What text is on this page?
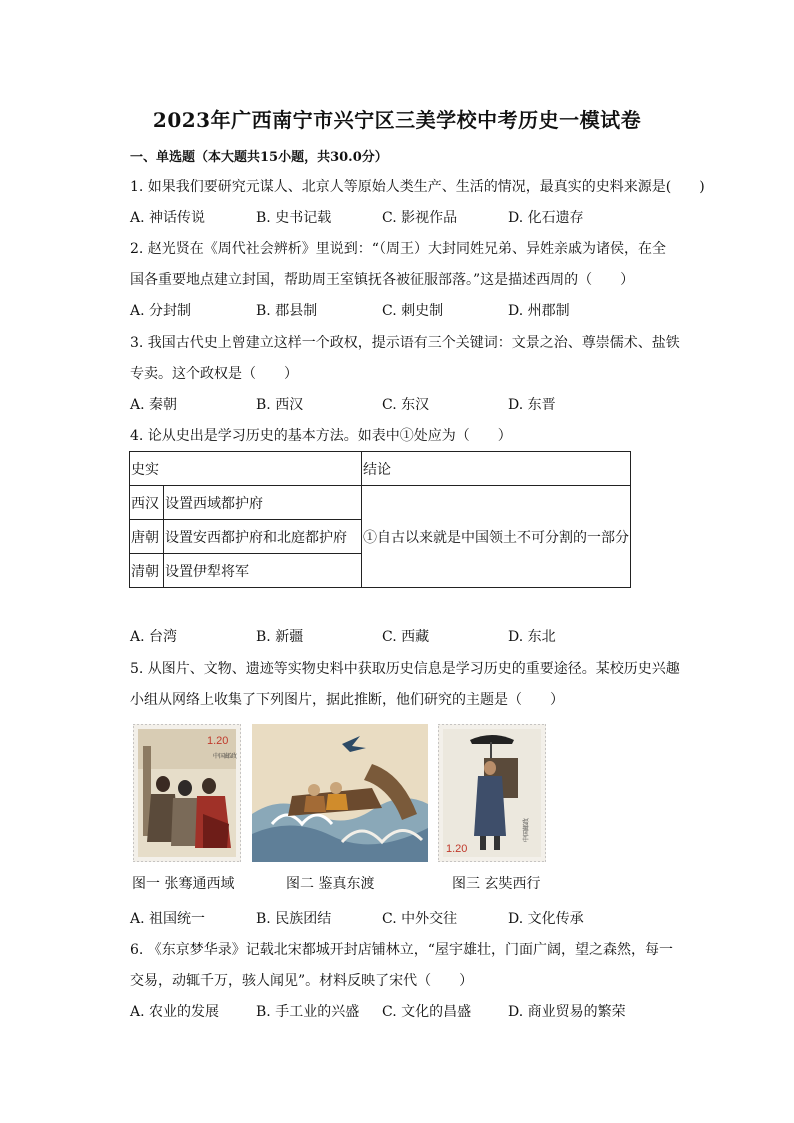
2023年广西南宁市兴宁区三美学校中考历史一模试卷
一、单选题（本大题共15小题，共30.0分）
1. 如果我们要研究元谋人、北京人等原始人类生产、生活的情况，最真实的史料来源是(　　)
A. 神话传说	B. 史书记载	C. 影视作品	D. 化石遗存
2. 赵光贤在《周代社会辨析》里说到：“（周王）大封同姓兄弟、异姓亲戚为诸侯，在全
国各重要地点建立封国，帮助周王室镇抚各被征服部落。”这是描述西周的（　　）
A. 分封制	B. 郡县制	C. 刺史制	D. 州郡制
3. 我国古代史上曾建立这样一个政权，提示语有三个关键词：文景之治、尊崇儒术、盐铁
专卖。这个政权是（　　）
A. 秦朝	B. 西汉	C. 东汉	D. 东晋
4. 论从史出是学习历史的基本方法。如表中①处应为（　　）
史实		结论
西汉	设置西域都护府	①自古以来就是中国领土不可分割的一部分
唐朝	设置安西都护府和北庭都护府	
清朝	设置伊犁将军	
A. 台湾	B. 新疆	C. 西藏	D. 东北
5. 从图片、文物、遗迹等实物史料中获取历史信息是学习历史的重要途径。某校历史兴趣
小组从网络上收集了下列图片，据此推断，他们研究的主题是（　　）
1.20
中国邮政
图一 张骞通西域	图二 鉴真东渡
1.20
中国邮政
图三 玄奘西行
A. 祖国统一	B. 民族团结	C. 中外交往	D. 文化传承
6. 《东京梦华录》记载北宋都城开封店铺林立，“屋宇雄壮，门面广阔，望之森然，每一
交易，动辄千万，骇人闻见”。材料反映了宋代（　　）
A. 农业的发展	B. 手工业的兴盛 C. 文化的昌盛	D. 商业贸易的繁荣
